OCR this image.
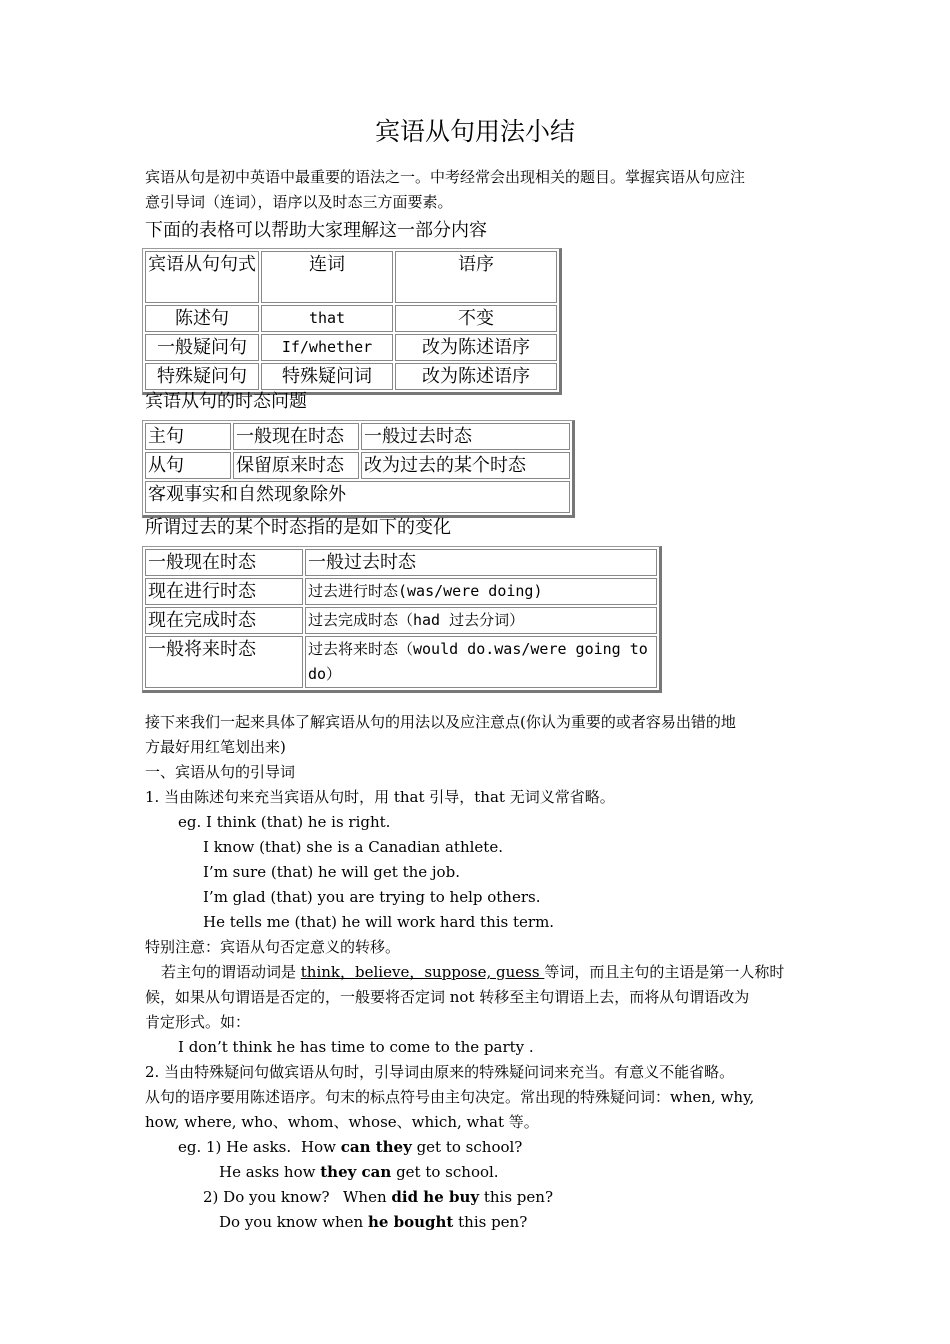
宾语从句用法小结
宾语从句是初中英语中最重要的语法之一。中考经常会出现相关的题目。掌握宾语从句应注
意引导词（连词），语序以及时态三方面要素。
下面的表格可以帮助大家理解这一部分内容
宾语从句句式	连词	语序
陈述句	that	不变
一般疑问句	If/whether	改为陈述语序
特殊疑问句	特殊疑问词	改为陈述语序
宾语从句的时态问题
主句	一般现在时态	一般过去时态
从句	保留原来时态	改为过去的某个时态
客观事实和自然现象除外		
所谓过去的某个时态指的是如下的变化
一般现在时态	一般过去时态
现在进行时态	过去进行时态(was/were doing)
现在完成时态	过去完成时态（had 过去分词）
一般将来时态	过去将来时态（would do.was/were going to do）
接下来我们一起来具体了解宾语从句的用法以及应注意点(你认为重要的或者容易出错的地
方最好用红笔划出来)
一、宾语从句的引导词
1. 当由陈述句来充当宾语从句时，用 that 引导，that 无词义常省略。
eg. I think (that) he is right.
I know (that) she is a Canadian athlete.
I’m sure (that) he will get the job.
I’m glad (that) you are trying to help others.
He tells me (that) he will work hard this term.
特别注意：宾语从句否定意义的转移。
若主句的谓语动词是 think，believe，suppose, guess 等词，而且主句的主语是第一人称时
候，如果从句谓语是否定的，一般要将否定词 not 转移至主句谓语上去，而将从句谓语改为
肯定形式。如：
I don’t think he has time to come to the party .
2. 当由特殊疑问句做宾语从句时，引导词由原来的特殊疑问词来充当。有意义不能省略。
从句的语序要用陈述语序。句末的标点符号由主句决定。常出现的特殊疑问词：when, why,
how, where, who、whom、whose、which, what 等。
eg. 1) He asks. How can they get to school?
He asks how they can get to school.
2) Do you know? When did he buy this pen?
Do you know when he bought this pen?
